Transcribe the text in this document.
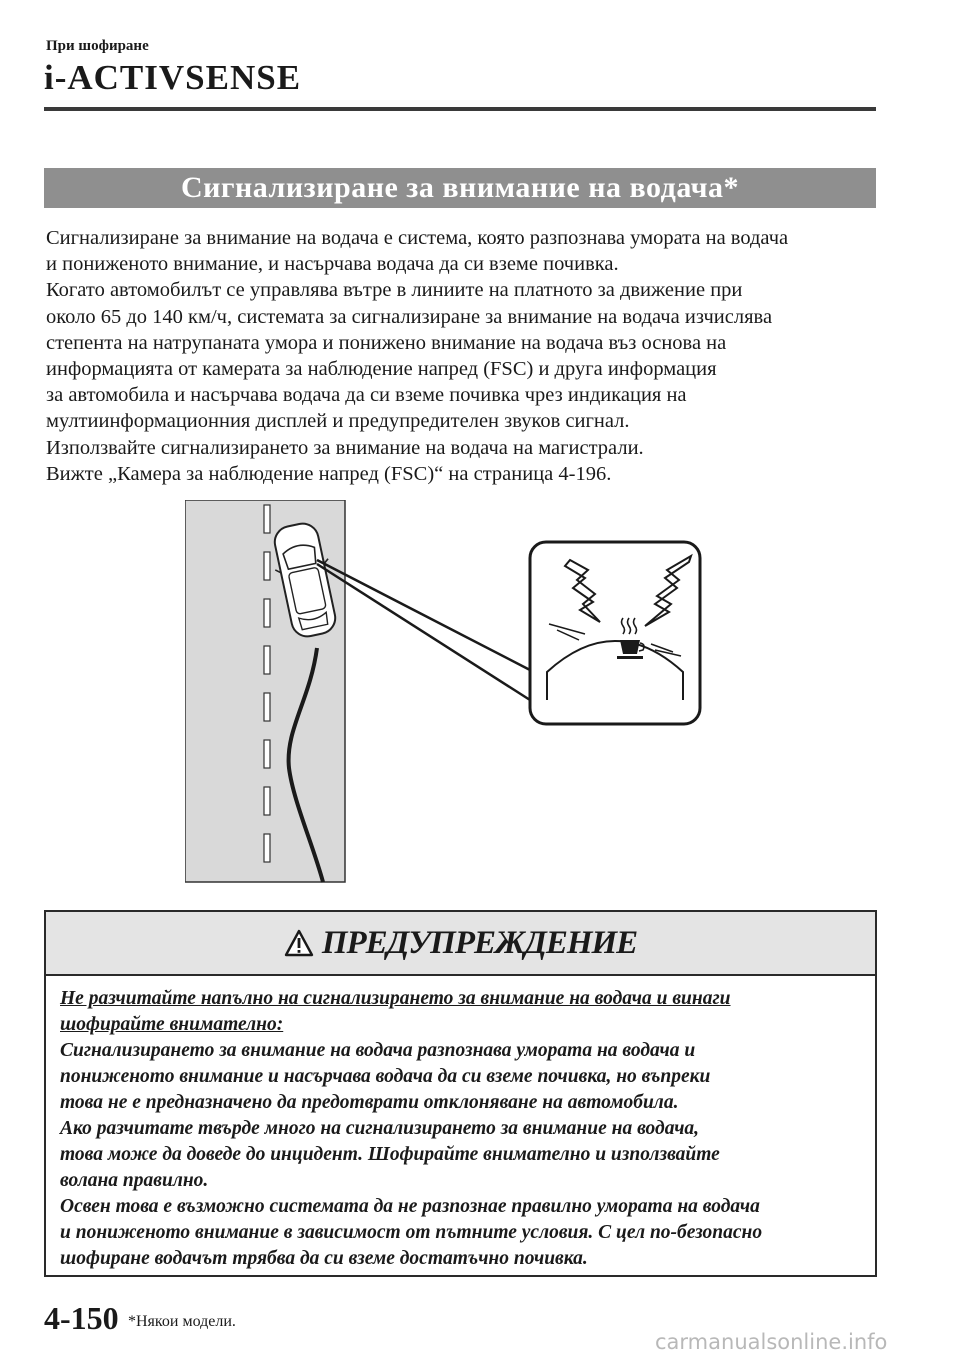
При шофиране
i-ACTIVSENSE
Сигнализиране за внимание на водача*

Сигнализиране за внимание на водача е система, която разпознава умората на водача

и пониженото внимание, и насърчава водача да си вземе почивка.

Когато автомобилът се управлява вътре в линиите на платното за движение при

около 65 до 140 км/ч, системата за сигнализиране за внимание на водача изчислява

степента на натрупаната умора и понижено внимание на водача въз основа на

информацията от камерата за наблюдение напред (FSC) и друга информация

за автомобила и насърчава водача да си вземе почивка чрез индикация на

мултиинформационния дисплей и предупредителен звуков сигнал.

Използвайте сигнализирането за внимание на водача на магистрали.

Вижте „Камера за наблюдение напред (FSC)“ на страница 4-196.

ПРЕДУПРЕЖДЕНИЕ

Не разчитайте напълно на сигнализирането за внимание на водача и винаги

шофирайте внимателно:

Сигнализирането за внимание на водача разпознава умората на водача и

пониженото внимание и насърчава водача да си вземе почивка, но въпреки

това не е предназначено да предотврати отклоняване на автомобила.

Ако разчитате твърде много на сигнализирането за внимание на водача,

това може да доведе до инцидент. Шофирайте внимателно и използвайте

волана правилно.

Освен това е възможно системата да не разпознае правилно умората на водача

и пониженото внимание в зависимост от пътните условия. С цел по-безопасно

шофиране водачът трябва да си вземе достатъчно почивка.

4-150 *Някои модели.
carmanualsonline.info
